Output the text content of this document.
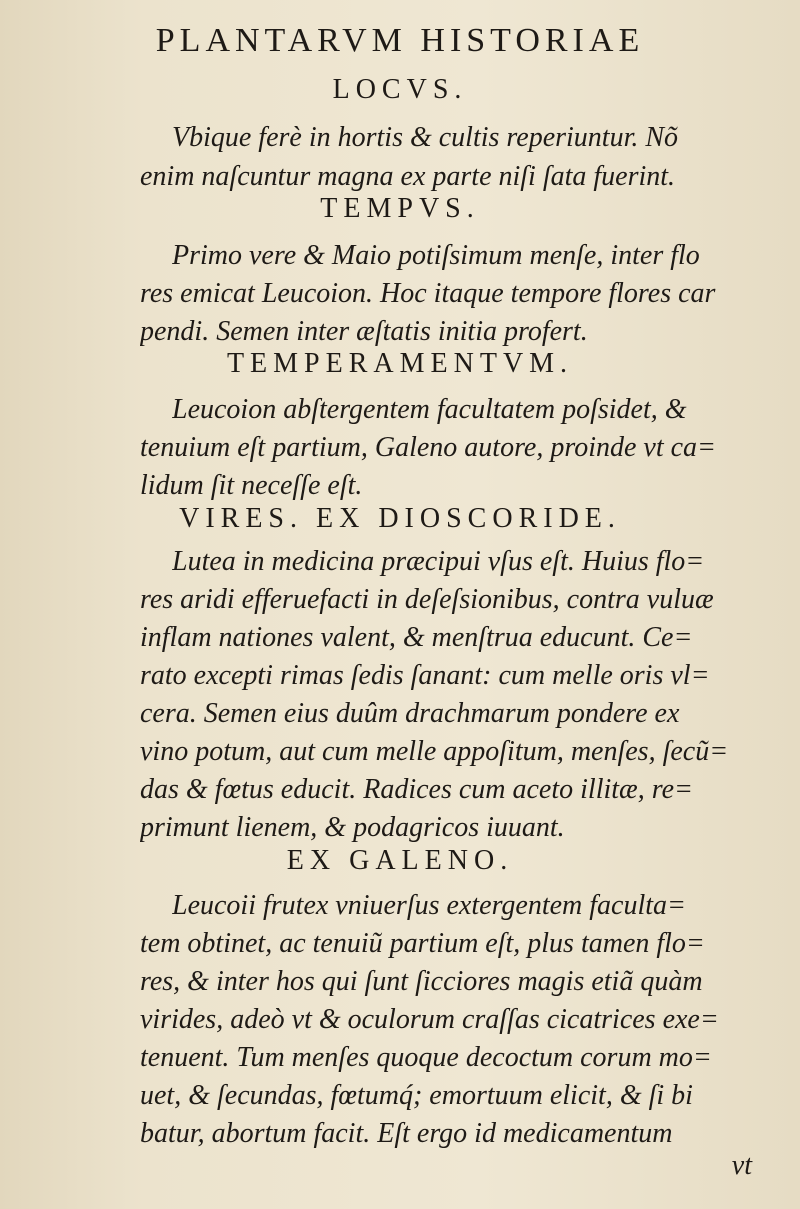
PLANTARVM HISTORIAE
LOCVS.
Vbique ferè in hortis & cultis reperiuntur. Nõ
enim naſcuntur magna ex parte niſi ſata fuerint.
TEMPVS.
Primo vere & Maio potiſsimum menſe, inter flo
res emicat Leucoion. Hoc itaque tempore flores car
pendi. Semen inter æſtatis initia profert.
TEMPERAMENTVM.
Leucoion abſtergentem facultatem poſsidet, &
tenuium eſt partium, Galeno autore, proinde vt ca=
lidum ſit neceſſe eſt.
VIRES. EX DIOSCORIDE.
Lutea in medicina præcipui vſus eſt. Huius flo=
res aridi efferuefacti in deſeſsionibus, contra vuluæ
inflam nationes valent, & menſtrua educunt. Ce=
rato excepti rimas ſedis ſanant: cum melle oris vl=
cera. Semen eius duûm drachmarum pondere ex
vino potum, aut cum melle appoſitum, menſes, ſecũ=
das & fœtus educit. Radices cum aceto illitæ, re=
primunt lienem, & podagricos iuuant.
EX GALENO.
Leucoii frutex vniuerſus extergentem faculta=
tem obtinet, ac tenuiũ partium eſt, plus tamen flo=
res, & inter hos qui ſunt ſicciores magis etiã quàm
virides, adeò vt & oculorum craſſas cicatrices exe=
tenuent. Tum menſes quoque decoctum corum mo=
uet, & ſecundas, fœtumq́; emortuum elicit, & ſi bi
batur, abortum facit. Eſt ergo id medicamentum
vt
